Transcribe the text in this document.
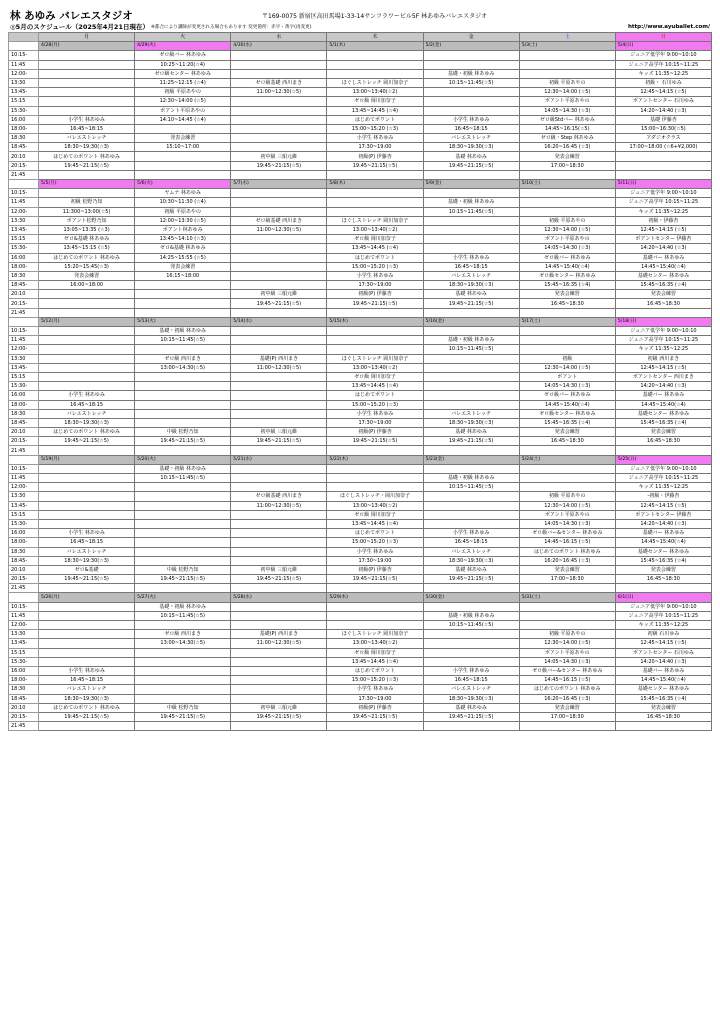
林 あゆみ バレエスタジオ	〒169-0075 新宿区高田馬場1-33-14サンフラワービル5F 林あゆみバレエスタジオ
◎5月のスケジュール（2025年4月21日現在） ※都合により講師が変更される場合もあります 変更箇所：赤字・黄字(再変更)	http://www.ayuballet.com/
	月	火	水	木	金	土	日
	4/28(月)	4/29(火)	4/30(水)	5/1(木)	5/2(金)	5/3(土)	5/4(日)
10:15-		ゼロ級バー 林あゆみ					ジュニア低学年 9:00~10:10
11:45		10:25~11:20(☆4)					ジュニア高学年 10:15~11:25
12:00-		ゼロ級センター 林あゆみ			基礎・初級 林あゆみ		キッズ 11:35~12:25
13:30		11:25~12:15 (☆4)	ゼロ級基礎 西川まき	ほぐしストレッチ 岡川加奈子	10:15~11:45(☆5)	初級 平原あやの	初級・ 石川ゆみ
13:45-		初級 平原あやの	11:00~12:30(☆5)	13:00~13:40(☆2)		12:30~14:00 (☆5)	12:45~14:15 (☆5)
15:15		12:30~14:00 (☆5)		ゼロ級 岡川加奈子		ポアント平原あやの	ポアントセンター 石川ゆみ
15:30-		ポアント平原あやの		13:45~14:45 (☆4)		14:05~14:30 (☆3)	14:20~14:40 (☆3)
16:00	小学生 林あゆみ	14:10~14:45 (☆4)		はじめてポワント	小学生 林あゆみ	ゼロ級Stdバー 林あゆみ	基礎 伊藤杏
18:00-	16:45~18:15			15:00~15:20 (☆3)	16:45~18:15	14:45~16:15(☆5)	15:00~16:30(☆5)
18:30	バレエストレッチ	発表会練習		小学生 林あゆみ	バレエストレッチ	ゼロ級・Step 林あゆみ	アダジオクラス
18:45-	18:30~19:30(☆3)	15:10~17:00		17:30~19:00	18:30~19:30(☆3)	16:20~16:45 (☆3)	17:00~18:00 (☆6+¥2,000)
20:10	はじめてのポワント 林あゆみ		初中級 三船元維	初級(P) 伊藤杏	基礎 林あゆみ	発表会練習	
20:15-	19:45~21:15(☆5)		19:45~21:15(☆5)	19:45~21:15(☆5)	19:45~21:15(☆5)	17:00~18:30	
21:45							
	5/5(月)	5/6(火)	5/7(水)	5/8(木)	5/9(金)	5/10(土)	5/11(日)
10:15-		ヤムナ 林あゆみ					ジュニア低学年 9:00~10:10
11:45	初級 松野乃知	10:30~11:30 (☆4)			基礎・初級 林あゆみ		ジュニア高学年 10:15~11:25
12:00-	11:300~13:00(☆5)	初級 平原あやの			10:15~11:45(☆5)		キッズ 11:35~12:25
13:30	ポアント松野乃知	12:00~13:30 (☆5)	ゼロ級基礎 西川まき	ほぐしストレッチ 岡川加奈子		初級 平原あやの	初級・伊藤杏
13:45-	13:05~13:35 (☆3)	ポアント林あゆみ	11:00~12:30(☆5)	13:00~13:40(☆2)		12:30~14:00 (☆5)	12:45~14:15 (☆5)
15:15	ゼロ&基礎 林あゆみ	13:45~14:10 (☆3)		ゼロ級 岡川加奈子		ポアント平原あやの	ポアントセンター 伊藤杏
15:30-	13:45~15:15 (☆5)	ゼロ&基礎 林あゆみ		13:45~14:45 (☆4)		14:05~14:30 (☆3)	14:20~14:40 (☆3)
16:00	はじめてのポワント 林あゆみ	14:25~15:55 (☆5)		はじめてポワント	小学生 林あゆみ	ゼロ級バー 林あゆみ	基礎バー 林あゆみ
18:00-	15:20~15:45(☆3)	発表会練習		15:00~15:20 (☆3)	16:45~18:15	14:45~15:40(☆4)	14:45~15:40(☆4)
18:30	発表会練習	16:15~18:00		小学生 林あゆみ	バレエストレッチ	ゼロ級センター 林あゆみ	基礎センター 林あゆみ
18:45-	16:00~18:00			17:30~19:00	18:30~19:30(☆3)	15:45~16:35 (☆4)	15:45~16:35 (☆4)
20:10			初中級 三船元維	初級(P) 伊藤杏	基礎 林あゆみ	発表会練習	発表会練習
20:15-			19:45~21:15(☆5)	19:45~21:15(☆5)	19:45~21:15(☆5)	16:45~18:30	16:45~18:30
21:45							
	5/12(月)	5/13(火)	5/14(水)	5/15(木)	5/16(金)	5/17(土)	5/18(日)
10:15-		基礎・初級 林あゆみ					ジュニア低学年 9:00~10:10
11:45		10:15~11:45(☆5)			基礎・初級 林あゆみ		ジュニア高学年 10:15~11:25
12:00-					10:15~11:45(☆5)		キッズ 11:35~12:25
13:30		ゼロ級 西川まき	基礎(P) 西川まき	ほぐしストレッチ 岡川加奈子		初級	初級 西川まき
13:45-		13:00~14:30(☆5)	11:00~12:30(☆5)	13:00~13:40(☆2)		12:30~14:00 (☆5)	12:45~14:15 (☆5)
15:15				ゼロ級 岡川加奈子		ポアント	ポアントセンター 西川まき
15:30-				13:45~14:45 (☆4)		14:05~14:30 (☆3)	14:20~14:40 (☆3)
16:00	小学生 林あゆみ			はじめてポワント		ゼロ級バー 林あゆみ	基礎バー 林あゆみ
18:00-	16:45~18:15			15:00~15:20 (☆3)		14:45~15:40(☆4)	14:45~15:40(☆4)
18:30	バレエストレッチ			小学生 林あゆみ	バレエストレッチ	ゼロ級センター 林あゆみ	基礎センター 林あゆみ
18:45-	18:30~19:30(☆3)			17:30~19:00	18:30~19:30(☆3)	15:45~16:35 (☆4)	15:45~16:35 (☆4)
20:10	はじめてのポワント 林あゆみ	中級 松野乃知	初中級 三船元維	初級(P) 伊藤杏	基礎 林あゆみ	発表会練習	発表会練習
20:15-	19:45~21:15(☆5)	19:45~21:15(☆5)	19:45~21:15(☆5)	19:45~21:15(☆5)	19:45~21:15(☆5)	16:45~18:30	16:45~18:30
21:45							
	5/19(月)	5/20(火)	5/21(水)	5/22(木)	5/23(金)	5/24(土)	5/25(日)
10:15-		基礎・初級 林あゆみ					ジュニア低学年 9:00~10:10
11:45		10:15~11:45(☆5)			基礎・初級 林あゆみ		ジュニア高学年 10:15~11:25
12:00-					10:15~11:45(☆5)		キッズ 11:35~12:25
13:30			ゼロ級基礎 西川まき	ほぐしストレッチ・岡川加奈子		初級 平原あやの	-初級・伊藤杏
13:45-			11:00~12:30(☆5)	13:00~13:40(☆2)		12:30~14:00 (☆5)	12:45~14:15 (☆5)
15:15				ゼロ級 岡川加奈子		ポアント平原あやの	ポアントセンター 伊藤杏
15:30-				13:45~14:45 (☆4)		14:05~14:30 (☆3)	14:20~14:40 (☆3)
16:00	小学生 林あゆみ			はじめてポワント	小学生 林あゆみ	ゼロ級バー&センター 林あゆみ	基礎バー 林あゆみ
18:00-	16:45~18:15			15:00~15:20 (☆3)	16:45~18:15	14:45~16:15 (☆5)	14:45~15:40(☆4)
18:30	バレエストレッチ			小学生 林あゆみ	バレエストレッチ	はじめてのポワント 林あゆみ	基礎センター 林あゆみ
18:45-	18:30~19:30(☆3)			17:30~19:00	18:30~19:30(☆3)	16:20~16:45 (☆3)	15:45~16:35 (☆4)
20:10	ゼロ&基礎	中級 松野乃知	初中級 三船元維	初級(P) 伊藤杏	基礎 林あゆみ	発表会練習	発表会練習
20:15-	19:45~21:15(☆5)	19:45~21:15(☆5)	19:45~21:15(☆5)	19:45~21:15(☆5)	19:45~21:15(☆5)	17:00~18:30	16:45~18:30
21:45							
	5/26(月)	5/27(火)	5/28(水)	5/29(木)	5/30(金)	5/31(土)	6/1(日)
10:15-		基礎・初級 林あゆみ					ジュニア低学年 9:00~10:10
11:45		10:15~11:45(☆5)			基礎・初級 林あゆみ		ジュニア高学年 10:15~11:25
12:00-					10:15~11:45(☆5)		キッズ 11:35~12:25
13:30		ゼロ級 西川まき	基礎(P) 西川まき	ほぐしストレッチ 岡川加奈子		初級 平原あやの	初級 石川ゆみ
13:45-		13:00~14:30(☆5)	11:00~12:30(☆5)	13:00~13:40(☆2)		12:30~14:00 (☆5)	12:45~14:15 (☆5)
15:15				ゼロ級 岡川加奈子		ポアント平原あやの	ポアントセンター 石川ゆみ
15:30-				13:45~14:45 (☆4)		14:05~14:30 (☆3)	14:20~14:40 (☆3)
16:00	小学生 林あゆみ			はじめてポワント	小学生 林あゆみ	ゼロ級バー&センター 林あゆみ	基礎バー 林あゆみ
18:00-	16:45~18:15			15:00~15:20 (☆3)	16:45~18:15	14:45~16:15 (☆5)	14:45~15:40(☆4)
18:30	バレエストレッチ			小学生 林あゆみ	バレエストレッチ	はじめてのポワント 林あゆみ	基礎センター 林あゆみ
18:45-	18:30~19:30(☆3)			17:30~19:00	18:30~19:30(☆3)	16:20~16:45 (☆3)	15:45~16:35 (☆4)
20:10	はじめてのポワント 林あゆみ	中級 松野乃知	初中級 三船元維	初級(P) 伊藤杏	基礎 林あゆみ	発表会練習	発表会練習
20:15-	19:45~21:15(☆5)	19:45~21:15(☆5)	19:45~21:15(☆5)	19:45~21:15(☆5)	19:45~21:15(☆5)	17:00~18:30	16:45~18:30
21:45							
